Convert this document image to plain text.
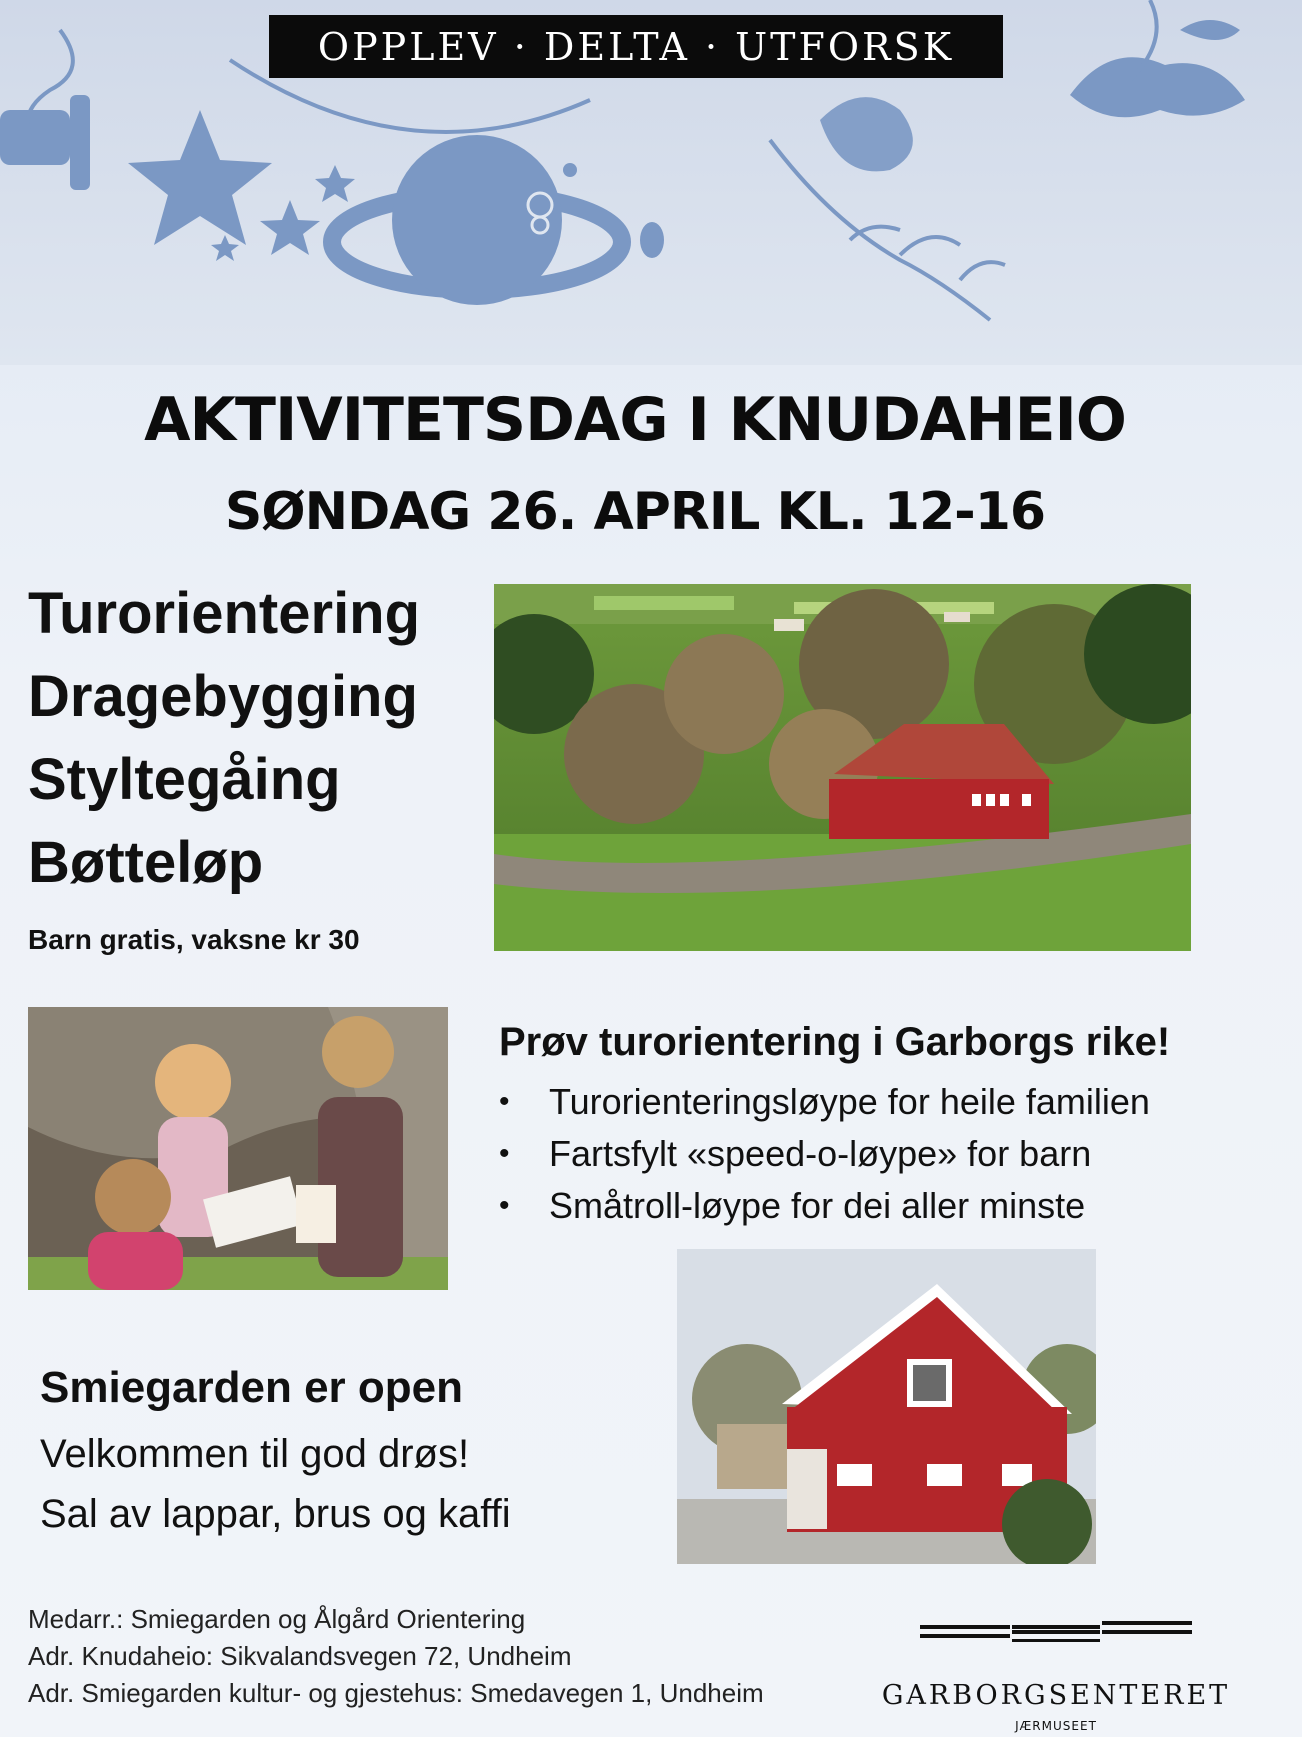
OPPLEV · DELTA · UTFORSK
AKTIVITETSDAG I KNUDAHEIO
SØNDAG 26. APRIL KL. 12-16
Turorientering
Dragebygging
Styltegåing
Bøtteløp
Barn gratis, vaksne kr 30
Prøv turorientering i Garborgs rike!
•	Turorienteringsløype for heile familien
•	Fartsfylt «speed-o-løype» for barn
•	Småtroll-løype for dei aller minste
Smiegarden er open
Velkommen til god drøs!
Sal av lappar, brus og kaffi
Medarr.: Smiegarden og Ålgård Orientering
Adr. Knudaheio: Sikvalandsvegen 72, Undheim
Adr. Smiegarden kultur- og gjestehus: Smedavegen 1, Undheim	GARBORGSENTERET
JÆRMUSEET
